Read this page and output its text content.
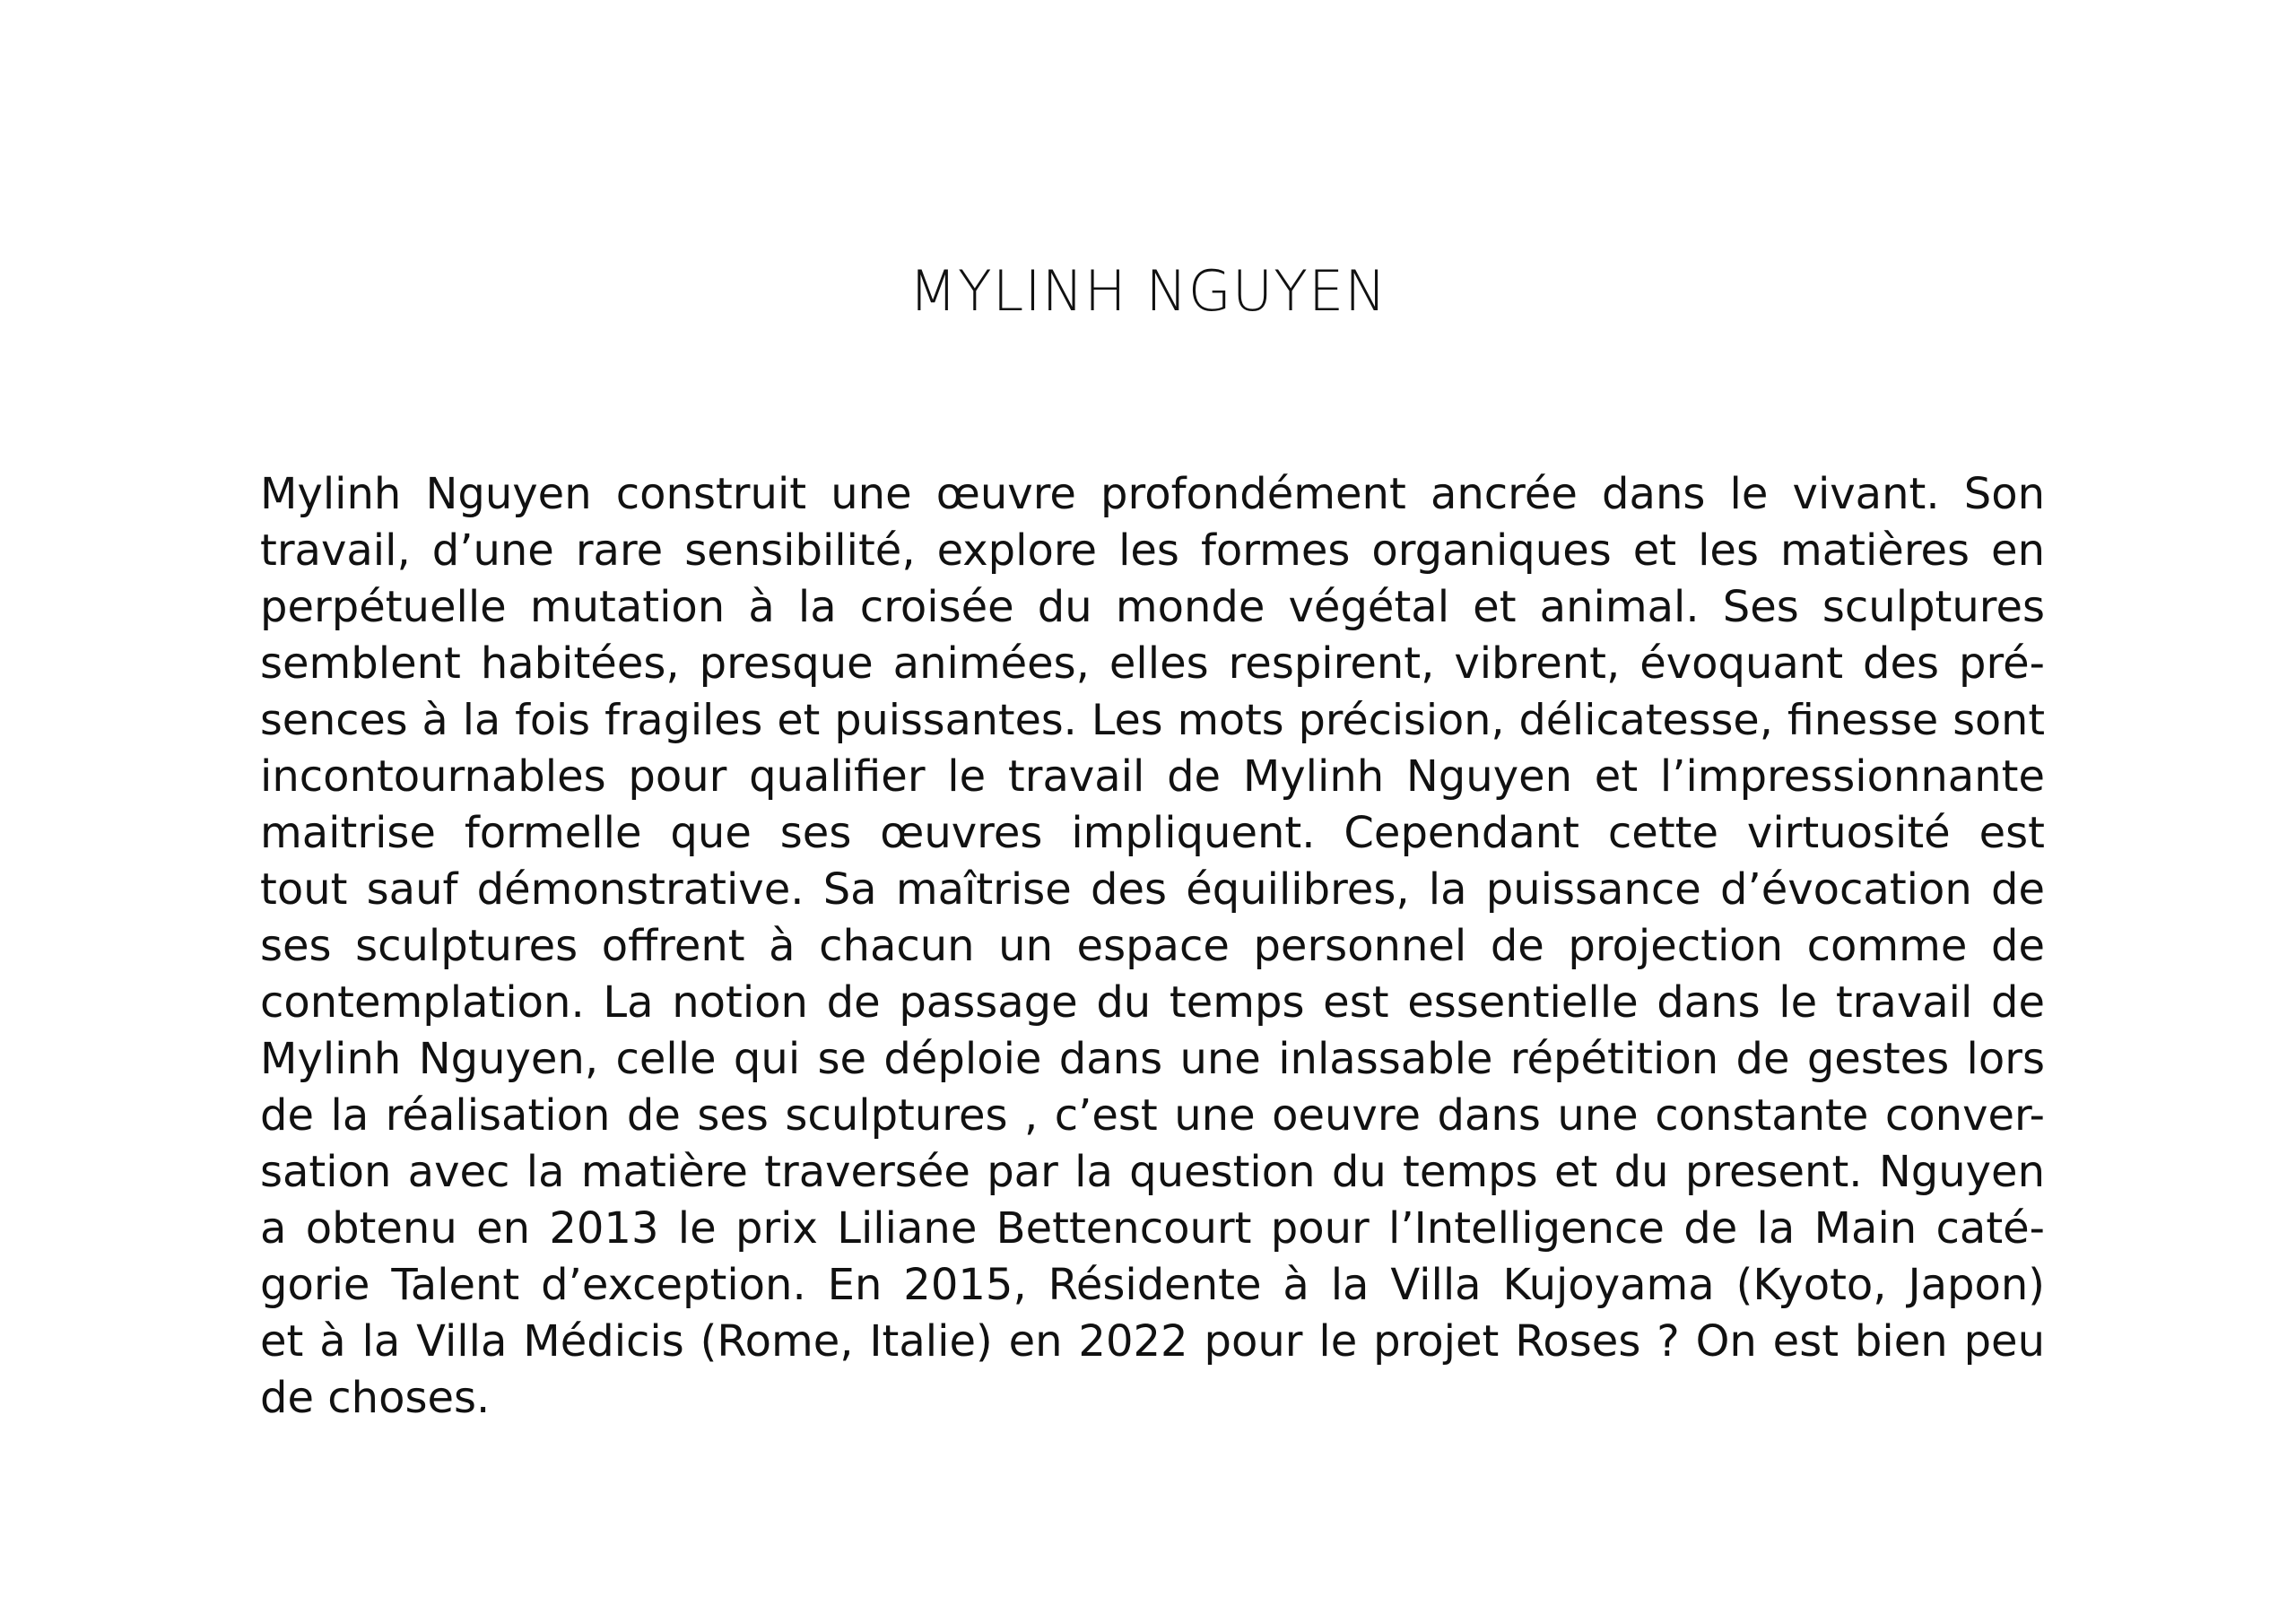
MYLINH NGUYEN
Mylinh Nguyen construit une œuvre profondément ancrée dans le vivant. Son
travail, d’une rare sensibilité, explore les formes organiques et les matières en
perpétuelle mutation à la croisée du monde végétal et animal. Ses sculptures
semblent habitées, presque animées, elles respirent, vibrent, évoquant des pré-
sences à la fois fragiles et puissantes. Les mots précision, délicatesse, finesse sont
incontournables pour qualifier le travail de Mylinh Nguyen et l’impressionnante
maitrise formelle que ses œuvres impliquent. Cependant cette virtuosité est
tout sauf démonstrative. Sa maîtrise des équilibres, la puissance d’évocation de
ses sculptures offrent à chacun un espace personnel de projection comme de
contemplation. La notion de passage du temps est essentielle dans le travail de
Mylinh Nguyen, celle qui se déploie dans une inlassable répétition de gestes lors
de la réalisation de ses sculptures , c’est une oeuvre dans une constante conver-
sation avec la matière traversée par la question du temps et du present. Nguyen
a obtenu en 2013 le prix Liliane Bettencourt pour l’Intelligence de la Main caté-
gorie Talent d’exception. En 2015, Résidente à la Villa Kujoyama (Kyoto, Japon)
et à la Villa Médicis (Rome, Italie) en 2022 pour le projet Roses ? On est bien peu
de choses.
